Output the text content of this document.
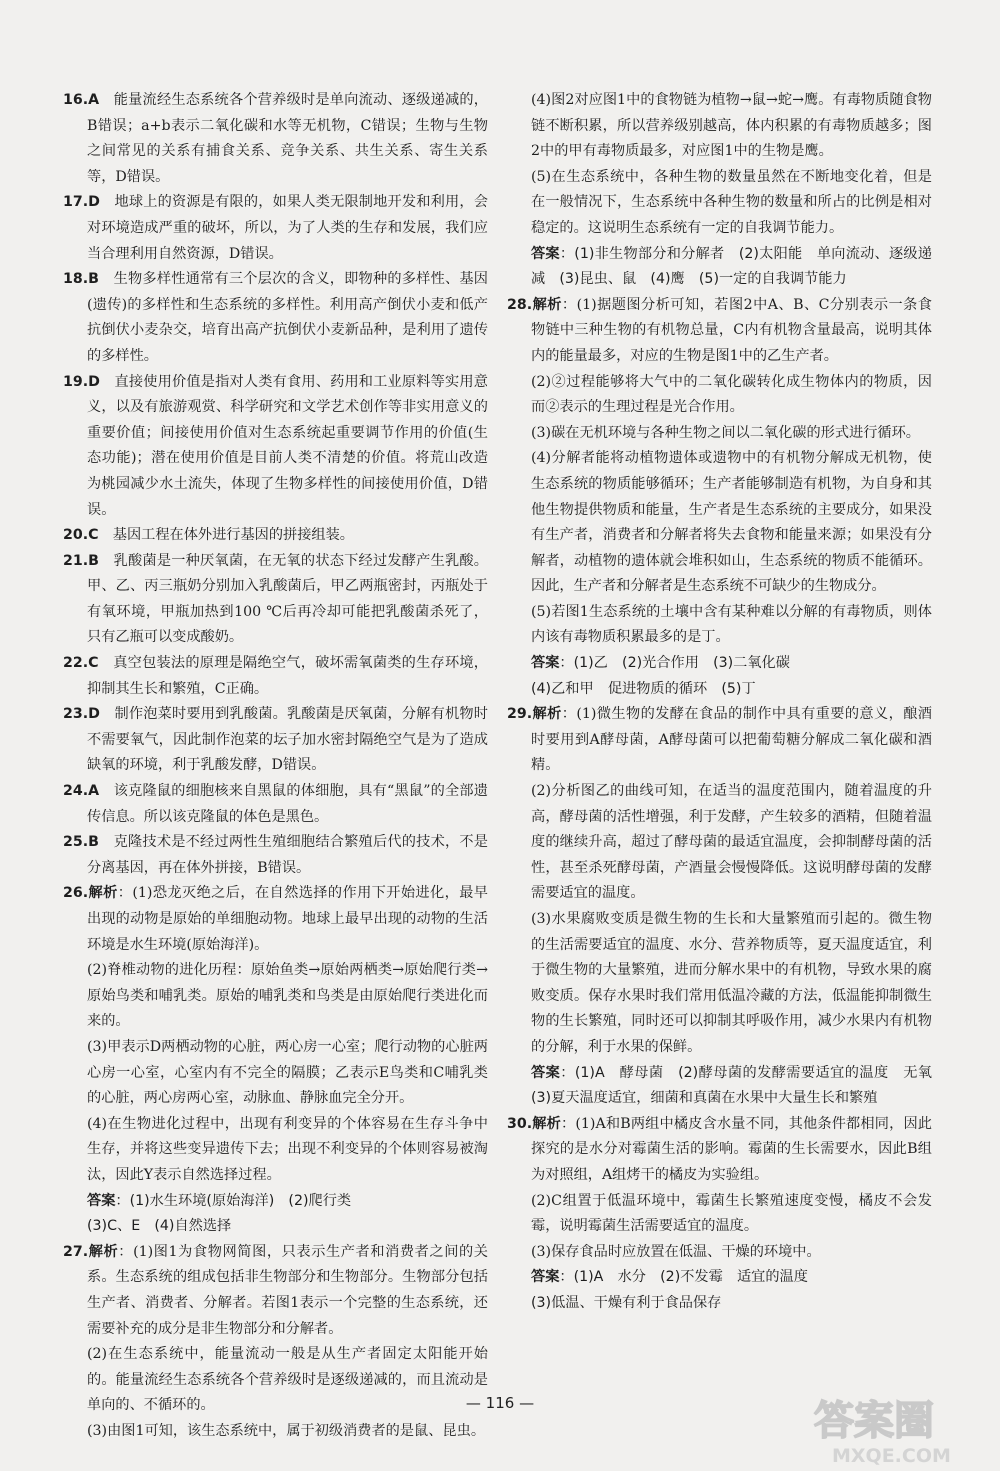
16.A　 能量流经生态系统各个营养级时是单向流动、逐级递减的，B错误；a+b表示二氧化碳和水等无机物，C错误；生物与生物之间常见的关系有捕食关系、竞争关系、共生关系、寄生关系等，D错误。

17.D　 地球上的资源是有限的，如果人类无限制地开发和利用，会对环境造成严重的破坏，所以，为了人类的生存和发展，我们应当合理利用自然资源，D错误。

18.B　 生物多样性通常有三个层次的含义，即物种的多样性、基因(遗传)的多样性和生态系统的多样性。利用高产倒伏小麦和低产抗倒伏小麦杂交，培育出高产抗倒伏小麦新品种，是利用了遗传的多样性。

19.D　 直接使用价值是指对人类有食用、药用和工业原料等实用意义，以及有旅游观赏、科学研究和文学艺术创作等非实用意义的重要价值；间接使用价值对生态系统起重要调节作用的价值(生态功能)；潜在使用价值是目前人类不清楚的价值。将荒山改造为桃园减少水土流失，体现了生物多样性的间接使用价值，D错误。

20.C　 基因工程在体外进行基因的拼接组装。

21.B　 乳酸菌是一种厌氧菌，在无氧的状态下经过发酵产生乳酸。甲、乙、丙三瓶奶分别加入乳酸菌后，甲乙两瓶密封，丙瓶处于有氧环境，甲瓶加热到100 ℃后再冷却可能把乳酸菌杀死了，只有乙瓶可以变成酸奶。

22.C　 真空包装法的原理是隔绝空气，破坏需氧菌类的生存环境，抑制其生长和繁殖，C正确。

23.D　 制作泡菜时要用到乳酸菌。乳酸菌是厌氧菌，分解有机物时不需要氧气，因此制作泡菜的坛子加水密封隔绝空气是为了造成缺氧的环境，利于乳酸发酵，D错误。

24.A　 该克隆鼠的细胞核来自黑鼠的体细胞，具有“黑鼠”的全部遗传信息。所以该克隆鼠的体色是黑色。

25.B　 克隆技术是不经过两性生殖细胞结合繁殖后代的技术，不是分离基因，再在体外拼接，B错误。

26.解析：(1)恐龙灭绝之后，在自然选择的作用下开始进化，最早出现的动物是原始的单细胞动物。地球上最早出现的动物的生活环境是水生环境(原始海洋)。

(2)脊椎动物的进化历程：原始鱼类→原始两栖类→原始爬行类→原始鸟类和哺乳类。原始的哺乳类和鸟类是由原始爬行类进化而来的。

(3)甲表示D两栖动物的心脏，两心房一心室；爬行动物的心脏两心房一心室，心室内有不完全的隔膜；乙表示E鸟类和C哺乳类的心脏，两心房两心室，动脉血、静脉血完全分开。

(4)在生物进化过程中，出现有利变异的个体容易在生存斗争中生存，并将这些变异遗传下去；出现不利变异的个体则容易被淘汰，因此Y表示自然选择过程。

答案：(1)水生环境(原始海洋)　(2)爬行类

(3)C、E　(4)自然选择

27.解析：(1)图1为食物网简图，只表示生产者和消费者之间的关系。生态系统的组成包括非生物部分和生物部分。生物部分包括生产者、消费者、分解者。若图1表示一个完整的生态系统，还需要补充的成分是非生物部分和分解者。

(2)在生态系统中，能量流动一般是从生产者固定太阳能开始的。能量流经生态系统各个营养级时是逐级递减的，而且流动是单向的、不循环的。

(3)由图1可知，该生态系统中，属于初级消费者的是鼠、昆虫。

(4)图2对应图1中的食物链为植物→鼠→蛇→鹰。有毒物质随食物链不断积累，所以营养级别越高，体内积累的有毒物质越多；图2中的甲有毒物质最多，对应图1中的生物是鹰。

(5)在生态系统中，各种生物的数量虽然在不断地变化着，但是在一般情况下，生态系统中各种生物的数量和所占的比例是相对稳定的。这说明生态系统有一定的自我调节能力。

答案：(1)非生物部分和分解者　(2)太阳能　单向流动、逐级递减　(3)昆虫、鼠　(4)鹰　(5)一定的自我调节能力

28.解析：(1)据题图分析可知，若图2中A、B、C分别表示一条食物链中三种生物的有机物总量，C内有机物含量最高，说明其体内的能量最多，对应的生物是图1中的乙生产者。

(2)②过程能够将大气中的二氧化碳转化成生物体内的物质，因而②表示的生理过程是光合作用。

(3)碳在无机环境与各种生物之间以二氧化碳的形式进行循环。

(4)分解者能将动植物遗体或遗物中的有机物分解成无机物，使生态系统的物质能够循环；生产者能够制造有机物，为自身和其他生物提供物质和能量，生产者是生态系统的主要成分，如果没有生产者，消费者和分解者将失去食物和能量来源；如果没有分解者，动植物的遗体就会堆积如山，生态系统的物质不能循环。因此，生产者和分解者是生态系统不可缺少的生物成分。

(5)若图1生态系统的土壤中含有某种难以分解的有毒物质，则体内该有毒物质积累最多的是丁。

答案：(1)乙　(2)光合作用　(3)二氧化碳

(4)乙和甲　促进物质的循环　(5)丁

29.解析：(1)微生物的发酵在食品的制作中具有重要的意义，酿酒时要用到A酵母菌，A酵母菌可以把葡萄糖分解成二氧化碳和酒精。

(2)分析图乙的曲线可知，在适当的温度范围内，随着温度的升高，酵母菌的活性增强，利于发酵，产生较多的酒精，但随着温度的继续升高，超过了酵母菌的最适宜温度，会抑制酵母菌的活性，甚至杀死酵母菌，产酒量会慢慢降低。这说明酵母菌的发酵需要适宜的温度。

(3)水果腐败变质是微生物的生长和大量繁殖而引起的。微生物的生活需要适宜的温度、水分、营养物质等，夏天温度适宜，利于微生物的大量繁殖，进而分解水果中的有机物，导致水果的腐败变质。保存水果时我们常用低温冷藏的方法，低温能抑制微生物的生长繁殖，同时还可以抑制其呼吸作用，减少水果内有机物的分解，利于水果的保鲜。

答案：(1)A　酵母菌　(2)酵母菌的发酵需要适宜的温度　无氧　(3)夏天温度适宜，细菌和真菌在水果中大量生长和繁殖

30.解析：(1)A和B两组中橘皮含水量不同，其他条件都相同，因此探究的是水分对霉菌生活的影响。霉菌的生长需要水，因此B组为对照组，A组烤干的橘皮为实验组。

(2)C组置于低温环境中，霉菌生长繁殖速度变慢，橘皮不会发霉，说明霉菌生活需要适宜的温度。

(3)保存食品时应放置在低温、干燥的环境中。

答案：(1)A　水分　(2)不发霉　适宜的温度

(3)低温、干燥有利于食品保存

— 116 —	答案圈
MXQE.COM
